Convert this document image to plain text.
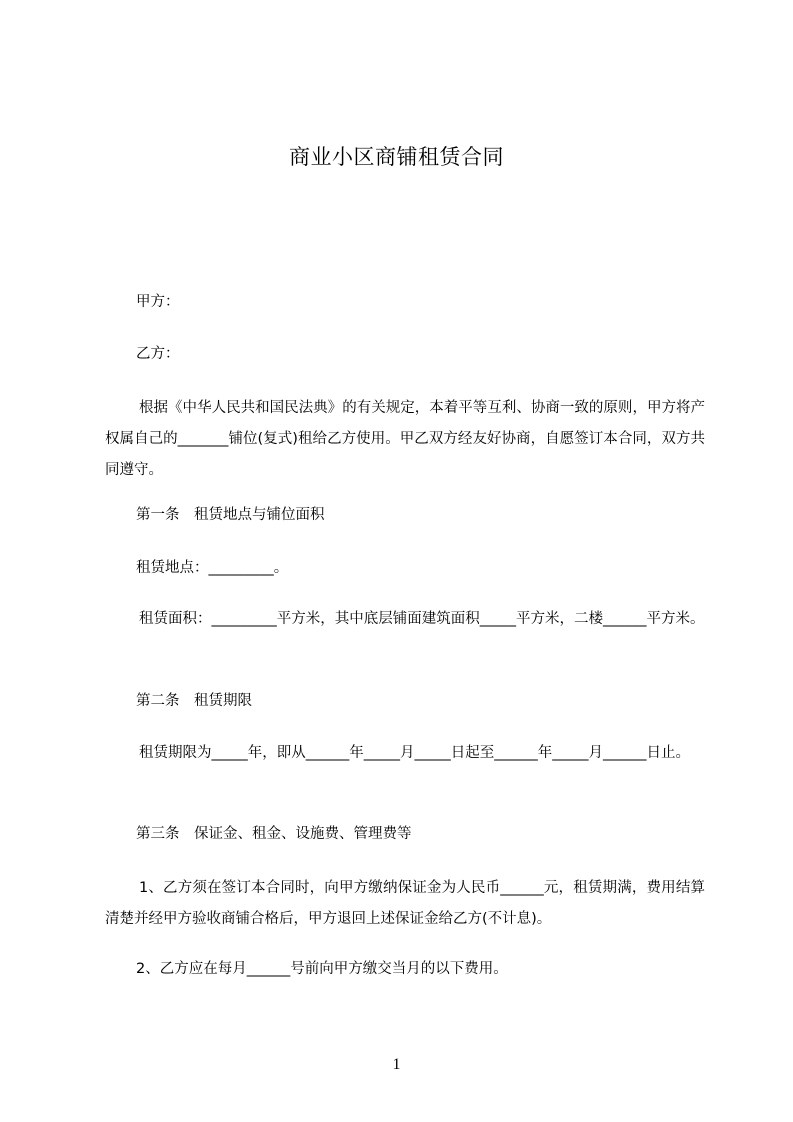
商业小区商铺租赁合同
甲方：
乙方：
根据《中华人民共和国民法典》的有关规定，本着平等互利、协商一致的原则，甲方将产权属自己的_______铺位(复式)租给乙方使用。甲乙双方经友好协商，自愿签订本合同，双方共同遵守。
第一条　租赁地点与铺位面积
租赁地点：_________。
租赁面积：_________平方米，其中底层铺面建筑面积_____平方米，二楼______平方米。
第二条　租赁期限
租赁期限为_____年，即从______年_____月_____日起至______年_____月______日止。
第三条　保证金、租金、设施费、管理费等
1、乙方须在签订本合同时，向甲方缴纳保证金为人民币______元，租赁期满，费用结算清楚并经甲方验收商铺合格后，甲方退回上述保证金给乙方(不计息)。
2、乙方应在每月______号前向甲方缴交当月的以下费用。
1
